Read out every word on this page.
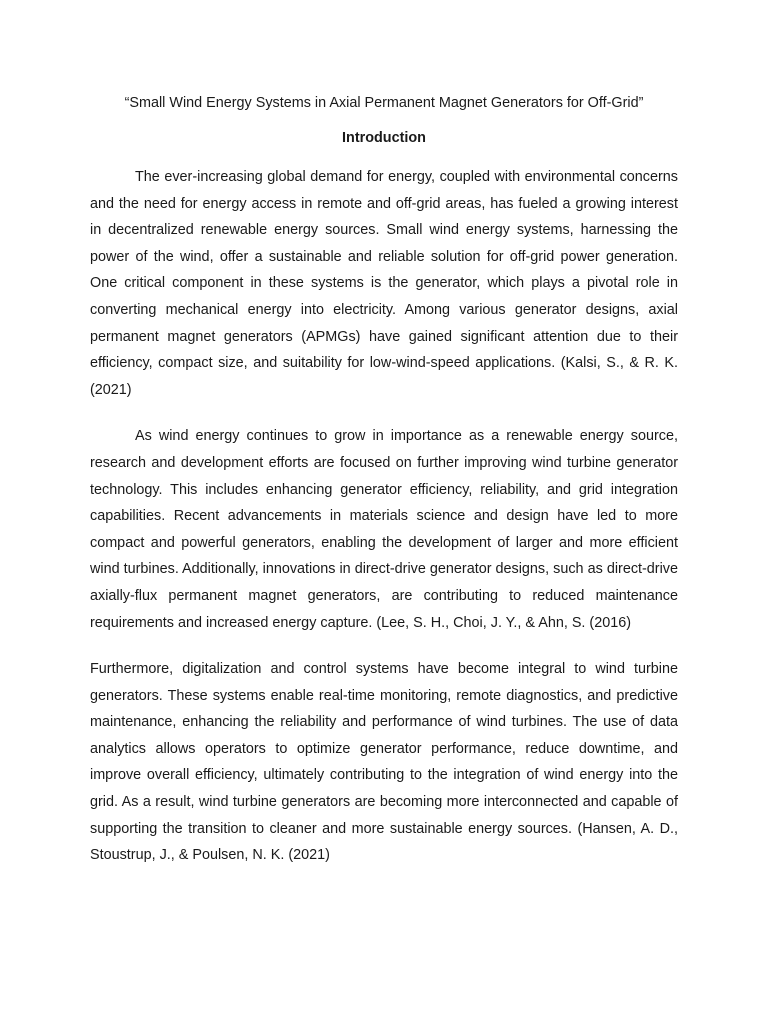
“Small Wind Energy Systems in Axial Permanent Magnet Generators for Off-Grid”

Introduction

The ever-increasing global demand for energy, coupled with environmental concerns and the need for energy access in remote and off-grid areas, has fueled a growing interest in decentralized renewable energy sources. Small wind energy systems, harnessing the power of the wind, offer a sustainable and reliable solution for off-grid power generation. One critical component in these systems is the generator, which plays a pivotal role in converting mechanical energy into electricity. Among various generator designs, axial permanent magnet generators (APMGs) have gained significant attention due to their efficiency, compact size, and suitability for low-wind-speed applications. (Kalsi, S., & R. K. (2021)

As wind energy continues to grow in importance as a renewable energy source, research and development efforts are focused on further improving wind turbine generator technology. This includes enhancing generator efficiency, reliability, and grid integration capabilities. Recent advancements in materials science and design have led to more compact and powerful generators, enabling the development of larger and more efficient wind turbines. Additionally, innovations in direct-drive generator designs, such as direct-drive axially-flux permanent magnet generators, are contributing to reduced maintenance requirements and increased energy capture. (Lee, S. H., Choi, J. Y., & Ahn, S. (2016)

Furthermore, digitalization and control systems have become integral to wind turbine generators. These systems enable real-time monitoring, remote diagnostics, and predictive maintenance, enhancing the reliability and performance of wind turbines. The use of data analytics allows operators to optimize generator performance, reduce downtime, and improve overall efficiency, ultimately contributing to the integration of wind energy into the grid. As a result, wind turbine generators are becoming more interconnected and capable of supporting the transition to cleaner and more sustainable energy sources. (Hansen, A. D., Stoustrup, J., & Poulsen, N. K. (2021)
